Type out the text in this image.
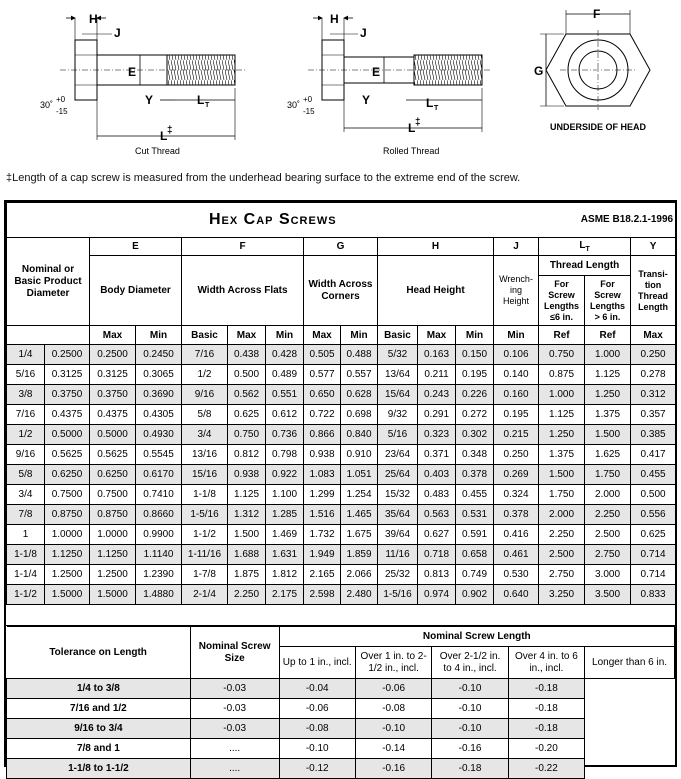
H
J
E
Y	L T
L ‡
30˚
+0
-15
Cut Thread
H
J
E
Y	L T
L ‡
30˚
+0
-15
Rolled Thread
F
G
UNDERSIDE OF HEAD
‡Length of a cap screw is measured from the underhead bearing surface to the extreme end of the screw.
Hex Cap Screws													ASME B18.2.1-1996		
Nominal or Basic Product Diameter		E		F			G		H			J	$L_T$		Y
		Body Diameter		Width Across Flats			Width Across Corners		Head Height			Wrench-ing Height	Thread Length		Transi-tion Thread Length
													For Screw Lengths ≤6 in.	For Screw Lengths > 6 in.	
		Max	Min	Basic	Max	Min	Max	Min	Basic	Max	Min	Min	Ref	Ref	Max
1/4	0.2500	0.2500	0.2450	7/16	0.438	0.428	0.505	0.488	5/32	0.163	0.150	0.106	0.750	1.000	0.250
5/16	0.3125	0.3125	0.3065	1/2	0.500	0.489	0.577	0.557	13/64	0.211	0.195	0.140	0.875	1.125	0.278
3/8	0.3750	0.3750	0.3690	9/16	0.562	0.551	0.650	0.628	15/64	0.243	0.226	0.160	1.000	1.250	0.312
7/16	0.4375	0.4375	0.4305	5/8	0.625	0.612	0.722	0.698	9/32	0.291	0.272	0.195	1.125	1.375	0.357
1/2	0.5000	0.5000	0.4930	3/4	0.750	0.736	0.866	0.840	5/16	0.323	0.302	0.215	1.250	1.500	0.385
9/16	0.5625	0.5625	0.5545	13/16	0.812	0.798	0.938	0.910	23/64	0.371	0.348	0.250	1.375	1.625	0.417
5/8	0.6250	0.6250	0.6170	15/16	0.938	0.922	1.083	1.051	25/64	0.403	0.378	0.269	1.500	1.750	0.455
3/4	0.7500	0.7500	0.7410	1-1/8	1.125	1.100	1.299	1.254	15/32	0.483	0.455	0.324	1.750	2.000	0.500
7/8	0.8750	0.8750	0.8660	1-5/16	1.312	1.285	1.516	1.465	35/64	0.563	0.531	0.378	2.000	2.250	0.556
1	1.0000	1.0000	0.9900	1-1/2	1.500	1.469	1.732	1.675	39/64	0.627	0.591	0.416	2.250	2.500	0.625
1-1/8	1.1250	1.1250	1.1140	1-11/16	1.688	1.631	1.949	1.859	11/16	0.718	0.658	0.461	2.500	2.750	0.714
1-1/4	1.2500	1.2500	1.2390	1-7/8	1.875	1.812	2.165	2.066	25/32	0.813	0.749	0.530	2.750	3.000	0.714
1-1/2	1.5000	1.5000	1.4880	2-1/4	2.250	2.175	2.598	2.480	1-5/16	0.974	0.902	0.640	3.250	3.500	0.833
Tolerance on Length	Nominal Screw Size	Nominal Screw Length				
		Up to 1 in., incl.	Over 1 in. to 2-1/2 in., incl.	Over 2-1/2 in. to 4 in., incl.	Over 4 in. to 6 in., incl.	Longer than 6 in.
1/4 to 3/8	-0.03	-0.04	-0.06	-0.10	-0.18	
7/16 and 1/2	-0.03	-0.06	-0.08	-0.10	-0.18	
9/16 to 3/4	-0.03	-0.08	-0.10	-0.10	-0.18	
7/8 and 1	....	-0.10	-0.14	-0.16	-0.20	
1-1/8 to 1-1/2	....	-0.12	-0.16	-0.18	-0.22	
